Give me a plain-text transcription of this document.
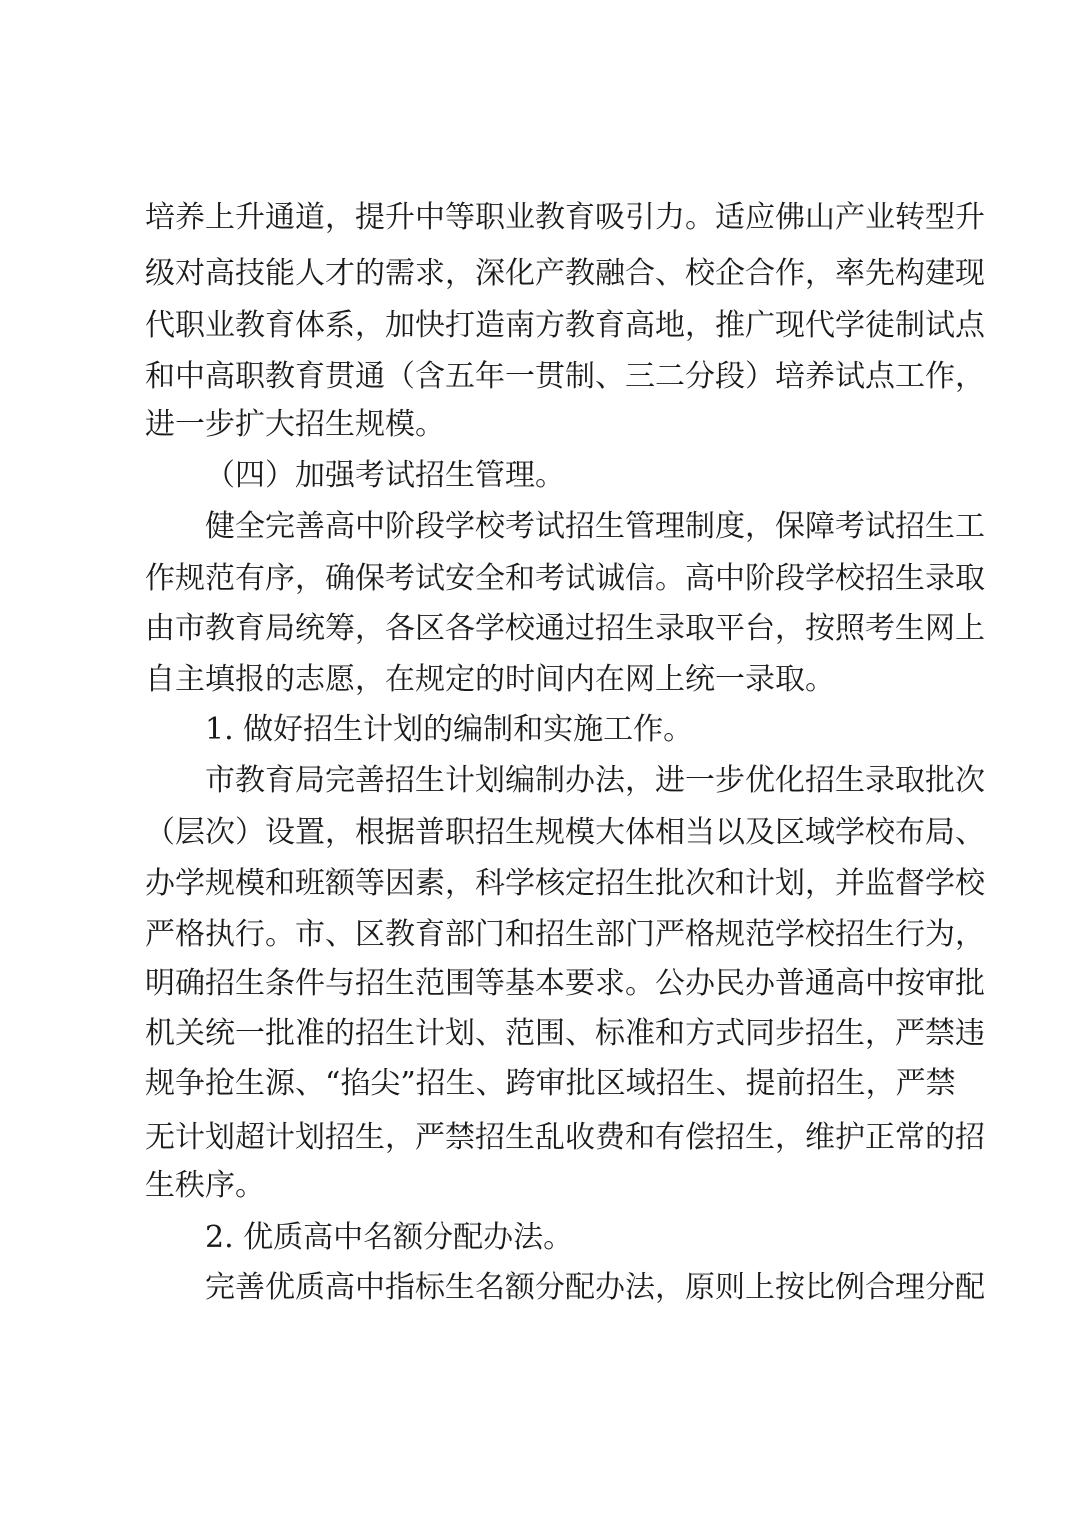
培养上升通道，提升中等职业教育吸引力。适应佛山产业转型升
级对高技能人才的需求，深化产教融合、校企合作，率先构建现
代职业教育体系，加快打造南方教育高地，推广现代学徒制试点
和中高职教育贯通（含五年一贯制、三二分段）培养试点工作，
进一步扩大招生规模。
（四）加强考试招生管理。
健全完善高中阶段学校考试招生管理制度，保障考试招生工
作规范有序，确保考试安全和考试诚信。高中阶段学校招生录取
由市教育局统筹，各区各学校通过招生录取平台，按照考生网上
自主填报的志愿，在规定的时间内在网上统一录取。
1. 做好招生计划的编制和实施工作。
市教育局完善招生计划编制办法，进一步优化招生录取批次
（层次）设置，根据普职招生规模大体相当以及区域学校布局、
办学规模和班额等因素，科学核定招生批次和计划，并监督学校
严格执行。市、区教育部门和招生部门严格规范学校招生行为，
明确招生条件与招生范围等基本要求。公办民办普通高中按审批
机关统一批准的招生计划、范围、标准和方式同步招生，严禁违
规争抢生源、“掐尖”招生、跨审批区域招生、提前招生，严禁
无计划超计划招生，严禁招生乱收费和有偿招生，维护正常的招
生秩序。
2. 优质高中名额分配办法。
完善优质高中指标生名额分配办法，原则上按比例合理分配
